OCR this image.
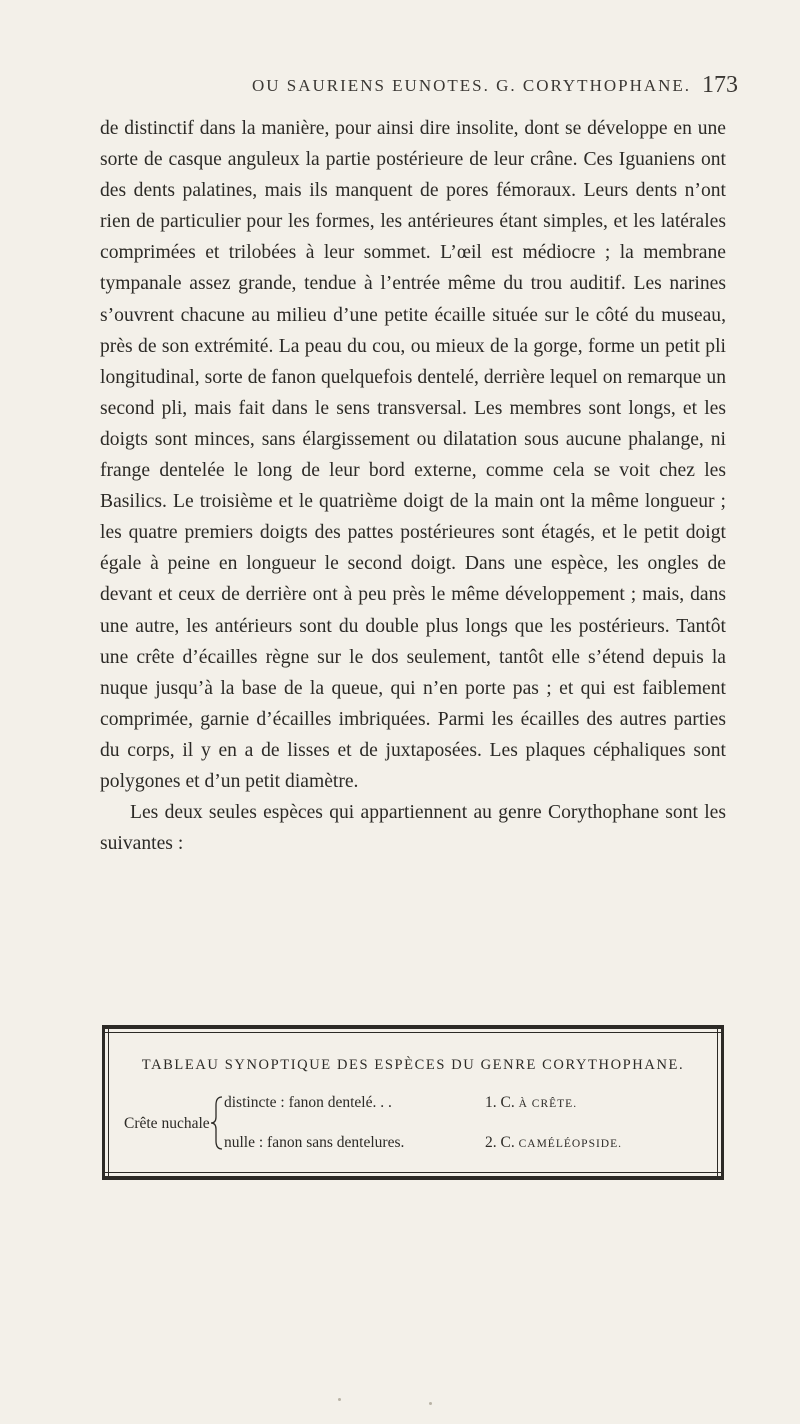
OU SAURIENS EUNOTES. G. CORYTHOPHANE. 173

de distinctif dans la manière, pour ainsi dire insolite, dont se développe en une sorte de casque anguleux la partie postérieure de leur crâne. Ces Iguaniens ont des dents palatines, mais ils manquent de pores fémoraux. Leurs dents n’ont rien de particulier pour les formes, les antérieures étant simples, et les latérales comprimées et trilobées à leur sommet. L’œil est médiocre ; la membrane tympanale assez grande, tendue à l’entrée même du trou auditif. Les narines s’ouvrent chacune au milieu d’une petite écaille située sur le côté du museau, près de son extrémité. La peau du cou, ou mieux de la gorge, forme un petit pli longitudinal, sorte de fanon quelquefois dentelé, derrière lequel on remarque un second pli, mais fait dans le sens transversal. Les membres sont longs, et les doigts sont minces, sans élargissement ou dilatation sous aucune phalange, ni frange dentelée le long de leur bord externe, comme cela se voit chez les Basilics. Le troisième et le quatrième doigt de la main ont la même longueur ; les quatre premiers doigts des pattes postérieures sont étagés, et le petit doigt égale à peine en longueur le second doigt. Dans une espèce, les ongles de devant et ceux de derrière ont à peu près le même développement ; mais, dans une autre, les antérieurs sont du double plus longs que les postérieurs. Tantôt une crête d’écailles règne sur le dos seulement, tantôt elle s’étend depuis la nuque jusqu’à la base de la queue, qui n’en porte pas ; et qui est faiblement comprimée, garnie d’écailles imbriquées. Parmi les écailles des autres parties du corps, il y en a de lisses et de juxtaposées. Les plaques céphaliques sont polygones et d’un petit diamètre.

Les deux seules espèces qui appartiennent au genre Corythophane sont les suivantes :

TABLEAU SYNOPTIQUE DES ESPÈCES DU GENRE CORYTHOPHANE.
Crête nuchale
distincte : fanon dentelé. . .
nulle : fanon sans dentelures.
1. C. À CRÊTE.
2. C. CAMÉLÉOPSIDE.
